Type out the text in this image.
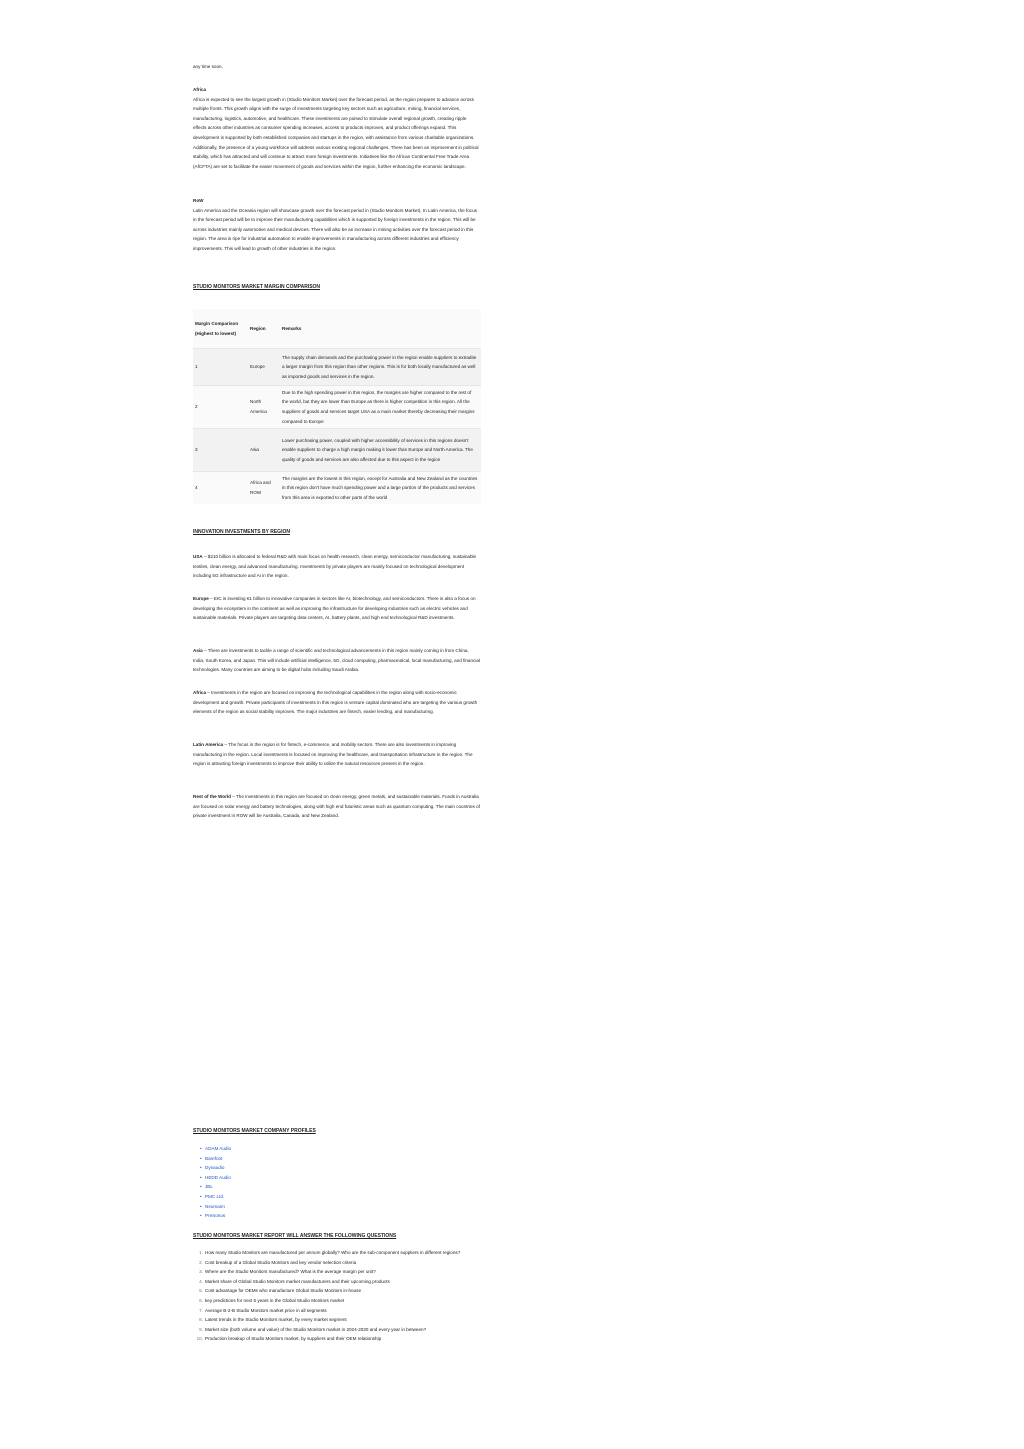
any time soon.

Africa

Africa is expected to see the largest growth in (Studio Monitors Market) over the forecast period, as the region prepares to advance across multiple fronts. This growth aligns with the surge of investments targeting key sectors such as agriculture, mining, financial services, manufacturing, logistics, automotive, and healthcare. These investments are poised to stimulate overall regional growth, creating ripple effects across other industries as consumer spending increases, access to products improves, and product offerings expand. This development is supported by both established companies and startups in the region, with assistance from various charitable organizations. Additionally, the presence of a young workforce will address various existing regional challenges. There has been an improvement in political stability, which has attracted and will continue to attract more foreign investments. Initiatives like the African Continental Free Trade Area (AfCFTA) are set to facilitate the easier movement of goods and services within the region, further enhancing the economic landscape.

RoW

Latin America and the Oceania region will showcase growth over the forecast period in (Studio Monitors Market). In Latin America, the focus in the forecast period will be to improve their manufacturing capabilities which is supported by foreign investments in the region. This will be across industries mainly automotive and medical devices. There will also be an increase in mining activities over the forecast period in this region. The area is ripe for industrial automation to enable improvements in manufacturing across different industries and efficiency improvements. This will lead to growth of other industries in the region.

STUDIO MONITORS MARKET MARGIN COMPARISON

Margin Comparison (Highest to lowest)	Region	Remarks
1	Europe	The supply chain demands and the purchasing power in the region enable suppliers to extradite a larger margin from this region than other regions. This is for both locally manufactured as well as imported goods and services in the region.
2	North America	Due to the high spending power in this region, the margins are higher compared to the rest of the world, but they are lower than Europe as there is higher competition in this region. All the suppliers of goods and services target USA as a main market thereby decreasing their margins compared to Europe
3	Asia	Lower purchasing power, coupled with higher accessibility of services in this regions doesn't enable suppliers to charge a high margin making it lower than Europe and North America. The quality of goods and services are also affected due to this aspect in the region
4	Africa and ROW	The margins are the lowest in this region, except for Australia and New Zealand as the countries in this region don't have much spending power and a large portion of the products and services from this area is exported to other parts of the world

INNOVATION INVESTMENTS BY REGION

USA – $210 billion is allocated to federal R&D with main focus on health research, clean energy, semiconductor manufacturing, sustainable textiles, clean energy, and advanced manufacturing. Investments by private players are mainly focused on technological development including 5G infrastructure and AI in the region.

Europe – EIC is investing €1 billion to innovative companies in sectors like AI, biotechnology, and semiconductors. There is also a focus on developing the ecosystem in the continent as well as improving the infrastructure for developing industries such as electric vehicles and sustainable materials. Private players are targeting data centers, AI, battery plants, and high end technological R&D investments.

Asia – There are investments to tackle a range of scientific and technological advancements in this region mainly coming in from China, India, South Korea, and Japan. This will include artificial intelligence, 5G, cloud computing, pharmaceutical, local manufacturing, and financial technologies. Many countries are aiming to be digital hubs including Saudi Arabia.

Africa – Investments in the region are focused on improving the technological capabilities in the region along with socio-economic development and growth. Private participants of investments in this region is venture capital dominated who are targeting the various growth elements of the region as social stability improves. The major industries are fintech, easier lending, and manufacturing.

Latin America – The focus in the region is for fintech, e-commerce, and mobility sectors. There are also investments in improving manufacturing in the region. Local investments is focused on improving the healthcare, and transportation infrastructure in the region. The region is attracting foreign investments to improve their ability to utilize the natural resources present in the region.

Rest of the World – The investments in this region are focused on clean energy, green metals, and sustainable materials. Funds in Australia are focused on solar energy and battery technologies, along with high end futuristic areas such as quantum computing. The main countries of private investment in ROW will be Australia, Canada, and New Zealand.

STUDIO MONITORS MARKET COMPANY PROFILES

• ADAM Audio
• Barefoot
• Dynaudio
• HEDD Audio
• JBL
• PMC Ltd.
• Neumann
• PreSonus

STUDIO MONITORS MARKET REPORT WILL ANSWER THE FOLLOWING QUESTIONS

1. How many Studio Monitors are manufactured per annum globally? Who are the sub-component suppliers in different regions?
2. Cost breakup of a Global Studio Monitors and key vendor selection criteria
3. Where are the Studio Monitors manufactured? What is the average margin per unit?
4. Market share of Global Studio Monitors market manufacturers and their upcoming products
5. Cost advantage for OEMs who manufacture Global Studio Monitors in-house
6. key predictions for next 5 years in the Global Studio Monitors market
7. Average B-2-B Studio Monitors market price in all segments
8. Latest trends in the Studio Monitors market, by every market segment
9. Market size (both volume and value) of the Studio Monitors market in 2024-2030 and every year in between?
10. Production breakup of Studio Monitors market, by suppliers and their OEM relationship
